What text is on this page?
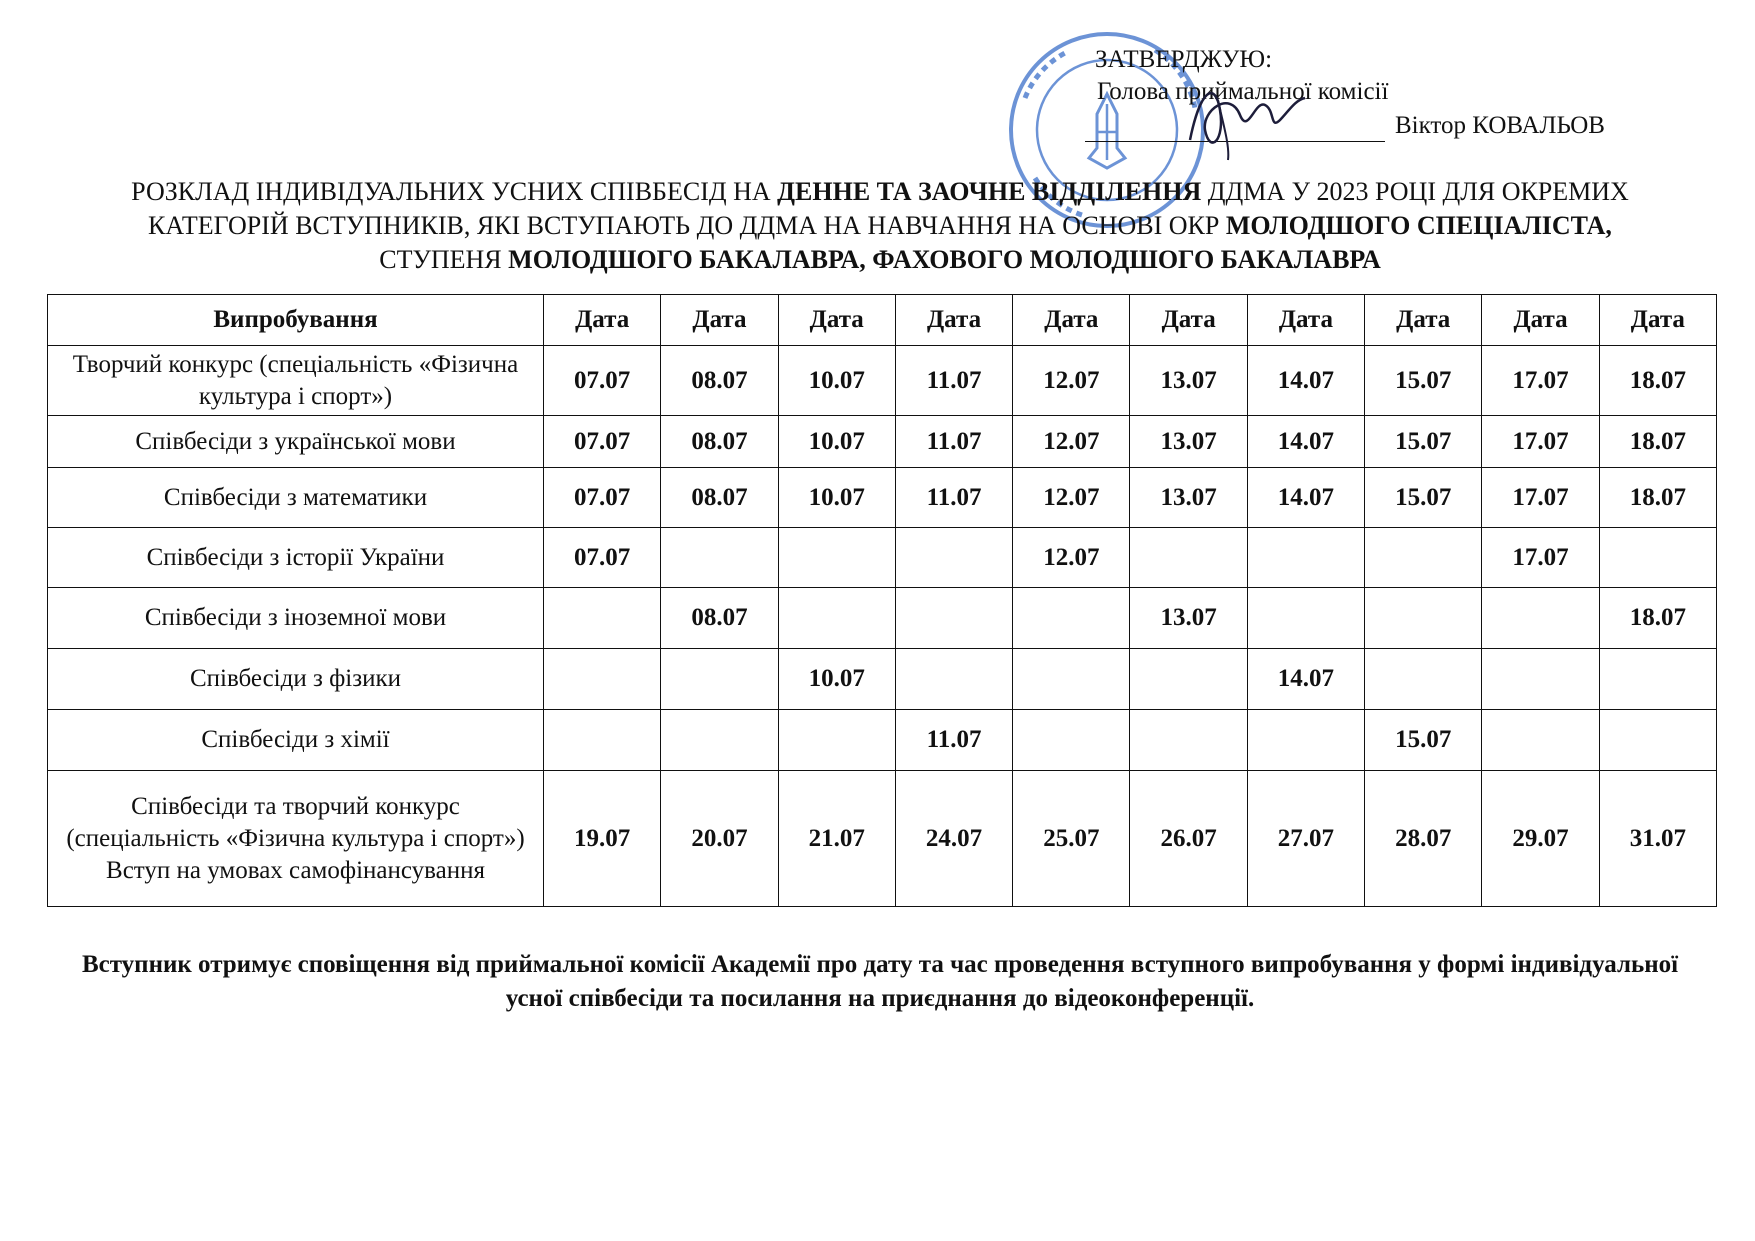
ЗАТВЕРДЖУЮ:
Голова приймальної комісії
Віктор КОВАЛЬОВ
РОЗКЛАД ІНДИВІДУАЛЬНИХ УСНИХ СПІВБЕСІД НА ДЕННЕ ТА ЗАОЧНЕ ВІДДІЛЕННЯ ДДМА У 2023 РОЦІ ДЛЯ ОКРЕМИХ КАТЕГОРІЙ ВСТУПНИКІВ, ЯКІ ВСТУПАЮТЬ ДО ДДМА НА НАВЧАННЯ НА ОСНОВІ ОКР МОЛОДШОГО СПЕЦІАЛІСТА, СТУПЕНЯ МОЛОДШОГО БАКАЛАВРА, ФАХОВОГО МОЛОДШОГО БАКАЛАВРА
Випробування	Дата	Дата	Дата	Дата	Дата	Дата	Дата	Дата	Дата	Дата
Творчий конкурс (спеціальність «Фізична культура і спорт»)	07.07	08.07	10.07	11.07	12.07	13.07	14.07	15.07	17.07	18.07
Співбесіди з української мови	07.07	08.07	10.07	11.07	12.07	13.07	14.07	15.07	17.07	18.07
Співбесіди з математики	07.07	08.07	10.07	11.07	12.07	13.07	14.07	15.07	17.07	18.07
Співбесіди з історії України	07.07				12.07				17.07	
Співбесіди з іноземної мови		08.07				13.07				18.07
Співбесіди з фізики			10.07				14.07			
Співбесіди з хімії				11.07				15.07		
Співбесіди та творчий конкурс (спеціальність «Фізична культура і спорт») Вступ на умовах самофінансування	19.07	20.07	21.07	24.07	25.07	26.07	27.07	28.07	29.07	31.07
Вступник отримує сповіщення від приймальної комісії Академії про дату та час проведення вступного випробування у формі індивідуальної усної співбесіди та посилання на приєднання до відеоконференції.
